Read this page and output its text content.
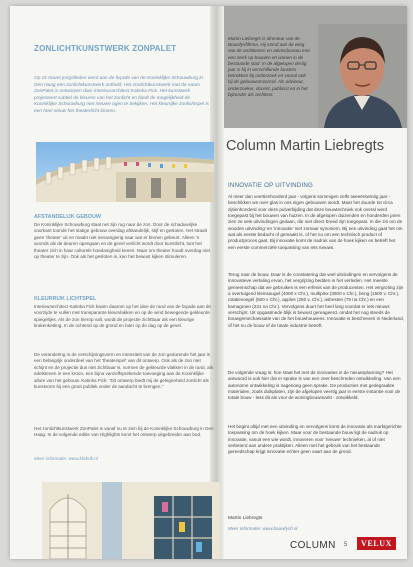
ZONLICHTKUNSTWERK ZONPALET
Op 21 maart jongstleden werd aan de façade van de Koninklijke Schouwburg in Den Haag een zonlichtkunstwerk onthuld. Het zonlichtkunstwerk met de naam ZonPalet is ontworpen door interieurarchitect Katinka Fick. Het kunstwerk projecteert subtiel de kleuren van het zonlicht en biedt de mogelijkheid de Koninklijke Schouwburg met nieuwe ogen te bekijken. Het kleurrijke zonlichtspel is een heel nieuw het theaterlicht binnen.
AFSTANDELIJK GEBOUW
De Koninklijke Schouwburg staat net zijn rug naar de zon. Door de schaduwrijke voorkant toonde het statige gebouw overdag afstandelijk, stijf en gesloten. Het straalt geen 'theater' uit en maakt niet nieuwsgierig naar wat er binnen gebeurt. Alleen 's avonds als de deuren opengaan en de gevel verlicht wordt door kunstlicht, toot het theater zich in haar culturele hoedanigheid kenen. Maar om theater houdt overdag niet op theater te zijn. Ook als het gesloten is, kan het bewust kijken stimuleren.
KLEURRIJK LICHTSPEL
Interieurarchitect Katinka Fick kwam daarom op het idee de rand van de façade aan de voorzijde te vullen met transparante kleurvlakken en op de wind bewegende gekleurde spiegeltjes. Als de zon hierop valt, wordt de projectie zichtbaar als een kleurige krakenketting. In de ochtend op de grond en later op de dag op de gevel.
De verandering in de verschijningsvorm en intensiteit van de zon gedurende het jaar is een belangrijk onderdeel van het 'theaterspel' van dit ontwerp. Ook als de zon niet schijnt en de projectie dus niet zichtbaar is, vormen de gekleurde vlakken in de rand, als edelstenen in een kroon, een bijna vanzelfsprekende toevoeging aan de Koninklijke allure van het gebouw. Katinka Fick: "Dit ontwerp biedt mij de gelegenheid zonlicht als kunstvorm bij een groot publiek onder de aandacht te brengen."
Het zonlichtkunstwerk ZonPalet is vanaf nu te zien bij de Koninklijke Schouwburg in Den Haag. In de volgende editie van Highlights komt het ontwerp uitgebreider aan bod.
Meer informatie: www.kfabrik.nl
Martin Liebregts is directeur van de Bouwfysfifirma. Hij stond aan de wieg van de architecten en adviesbureau met een sterk op bouwen en wonen in de bestaande stad. In de afgelopen dertig jaar is hij in verschillende functies betrokken bij onderzoek en vooral ook bij de gebouwomvormd. Als adviseur, onderzoeker, docent, publicist en in het bijzonder als architect.
Column Martin Liebregts
INNOVATIE OP UITVINDING
Al meer dan veertienhonderd jaar - volgens sommigen zelfs tweeëntwintig jaar - beschikken we over glas in ons eigen gebouwen wordt. Maar het duurde tot circa zijtienhonderd voor deze pulverbijding dat deze bouwtechniek ook overal werd toegepast bij het bouwen van huizen. In de afgelopen duizenden en honderden jaren zien ze vele uitvindingen gedaan, die niet direct breed zijn toegepast. In die zin om de wooden uitvinding' en 'innovatie' niet zomaar synoniem. Bij een uitvinding gaat het om wat als eerste bedacht of gemaakt is, of het nu om een technisch product of productproces gaat. Bij innovatie komt de nadruk van de hoek kijken en betreft het een eerste commerciële toepassing van iets nieuws.
Terug naar de bouw. Daar is de constatering dat veel uitvindingen en vervolgens de innovatieve vertaling ervan, het vergrijzing bedden in het verleden. Het meeste gemeenschap dat we gebruiken is een erfenis van de producenten. Het vergroting zijn a overtuigend kleinsaugel (4000 x Chr.), multiplex (3500 x Chr.), beng (1500 v. Chr.), rotatievoegel (500 x Chr.), apples (250 v. Chr.), asbesten (79 na Chr.) en een kamagroen (231 na Chr.). Vervolgens duurt het heel lang voordat er iets nieuws verschijnt. Uit opgaatmede blijk is bewust gereageerd, omdat het nog steeds de bouwgemechanisatie van de het bouwhouwens. Innovatie is beschreven in Nederland, of het nu de bouw of de totale industrie betreft.
De volgende vraag is: hoe staat het met de innovaties in de nieuwsplanning? Het antwoord is ook hier dat er sprake is van een zeer beschreden ontwikkeling. Van een autonome ontwikkeling is nagenoeg geen sprake. De producties met gedegraakte materialen, zoals duikplaten, zijn de afgelopen veertig jaar in eerste instantie voor de totale bouw - less dit als voor de woningbouwmarkt - ontwikkeld.
Het begint altijd met een uitvinding en vervolgens komt de innovatie als marktgerichte toepassing om de hoek kijken. Maar voor de bestaande bouw ligt de nadruk op innovatie, vanuit een wie wordt, innoveren voor 'nieuwe' technieken, al of niet verbeterd aan andere praktijken. Alleen met het gebruik van het bestaande gereedschap krijgt innovatie echter geen vaart aan de grond.
Martin Liebregts
Meer informatie: www.bouwfysfi.nl
COLUMN 5	VELUX
